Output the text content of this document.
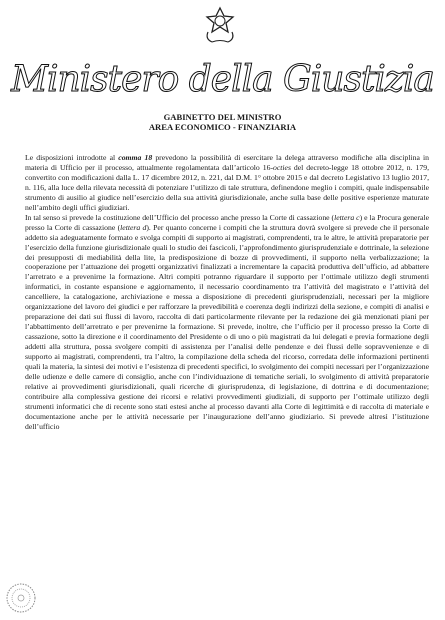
Ministero della Giustizia
GABINETTO DEL MINISTRO
AREA ECONOMICO - FINANZIARIA

Le disposizioni introdotte al comma 18 prevedono la possibilità di esercitare la delega attraverso modifiche alla disciplina in materia di Ufficio per il processo, attualmente regolamentata dall’articolo 16-octies del decreto-legge 18 ottobre 2012, n. 179, convertito con modificazioni dalla L. 17 dicembre 2012, n. 221, dal D.M. 1° ottobre 2015 e dal decreto Legislativo 13 luglio 2017, n. 116, alla luce della rilevata necessità di potenziare l’utilizzo di tale struttura, definendone meglio i compiti, quale indispensabile strumento di ausilio al giudice nell’esercizio della sua attività giurisdizionale, anche sulla base delle positive esperienze maturate nell’ambito degli uffici giudiziari.

In tal senso si prevede la costituzione dell’Ufficio del processo anche presso la Corte di cassazione (lettera c) e la Procura generale presso la Corte di cassazione (lettera d). Per quanto concerne i compiti che la struttura dovrà svolgere si prevede che il personale addetto sia adeguatamente formato e svolga compiti di supporto ai magistrati, comprendenti, tra le altre, le attività preparatorie per l’esercizio della funzione giurisdizionale quali lo studio dei fascicoli, l’approfondimento giurisprudenziale e dottrinale, la selezione dei presupposti di mediabilità della lite, la predisposizione di bozze di provvedimenti, il supporto nella verbalizzazione; la cooperazione per l’attuazione dei progetti organizzativi finalizzati a incrementare la capacità produttiva dell’ufficio, ad abbattere l’arretrato e a prevenirne la formazione. Altri compiti potranno riguardare il supporto per l’ottimale utilizzo degli strumenti informatici, in costante espansione e aggiornamento, il necessario coordinamento tra l’attività del magistrato e l’attività del cancelliere, la catalogazione, archiviazione e messa a disposizione di precedenti giurisprudenziali, necessari per la migliore organizzazione del lavoro dei giudici e per rafforzare la prevedibilità e coerenza degli indirizzi della sezione, e compiti di analisi e preparazione dei dati sui flussi di lavoro, raccolta di dati particolarmente rilevante per la redazione dei già menzionati piani per l’abbattimento dell’arretrato e per prevenirne la formazione. Si prevede, inoltre, che l’ufficio per il processo presso la Corte di cassazione, sotto la direzione e il coordinamento del Presidente o di uno o più magistrati da lui delegati e previa formazione degli addetti alla struttura, possa svolgere compiti di assistenza per l’analisi delle pendenze e dei flussi delle sopravvenienze e di supporto ai magistrati, comprendenti, tra l’altro, la compilazione della scheda del ricorso, corredata delle informazioni pertinenti quali la materia, la sintesi dei motivi e l’esistenza di precedenti specifici, lo svolgimento dei compiti necessari per l’organizzazione delle udienze e delle camere di consiglio, anche con l’individuazione di tematiche seriali, lo svolgimento di attività preparatorie relative ai provvedimenti giurisdizionali, quali ricerche di giurisprudenza, di legislazione, di dottrina e di documentazione; contribuire alla complessiva gestione dei ricorsi e relativi provvedimenti giudiziali, di supporto per l’ottimale utilizzo degli strumenti informatici che di recente sono stati estesi anche al processo davanti alla Corte di legittimità e di raccolta di materiale e documentazione anche per le attività necessarie per l’inaugurazione dell’anno giudiziario. Si prevede altresì l’istituzione dell’ufficio
